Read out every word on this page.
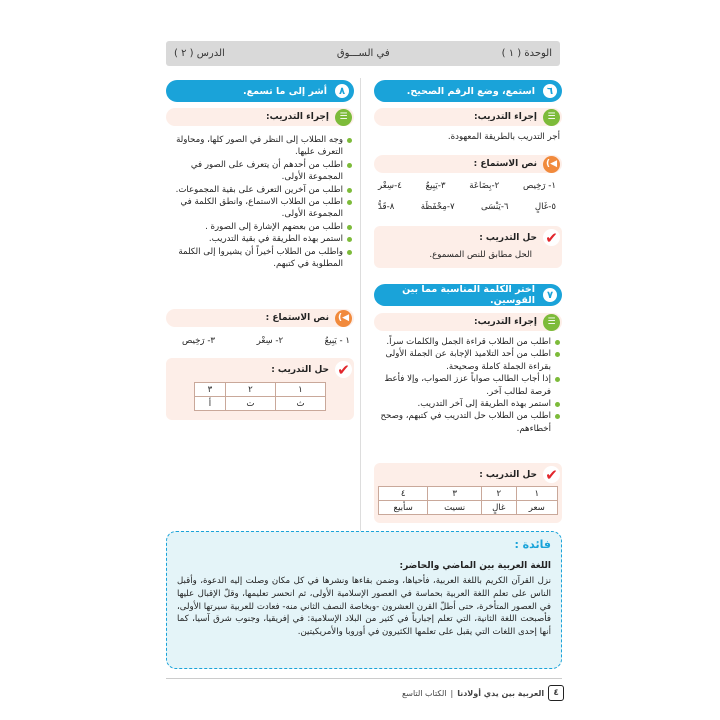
الوحدة ( ١ )
في الســـوق
الدرس ( ٢ )
٦
استمع، وضع الرقم الصحيح.
☰
إجراء التدريب:
أجر التدريب بالطريقة المعهودة.
◀)
نص الاستماع :
١- رَخِيص
٢-بِضَاعَة
٣-يَبِيعُ
٤-سِعْر
٥-غَالٍ
٦-يَنْسَى
٧-مِحْفَظَة
٨-قَدُّ
✔
حل التدريب :
الحل مطابق للنص المسموع.
٧
اختر الكلمة المناسبة مما بين القوسين.
☰
إجراء التدريب:
اطلب من الطلاب قراءة الجمل والكلمات سراً.
اطلب من أحد التلاميذ الإجابة عن الجملة الأولى بقراءة الجملة كاملة وصحيحة.
إذا أجاب الطالب صواباً عزز الصواب، وإلا فأعط فرصة لطالب آخر.
استمر بهذه الطريقة إلى آخر التدريب.
اطلب من الطلاب حل التدريب في كتبهم، وصحح أخطاءهم.
✔
حل التدريب :
١	٢	٣	٤
سعر	غالٍ	نسيت	سأبيع
٨
أشر إلى ما تسمع.
☰
إجراء التدريب:
وجه الطلاب إلى النظر في الصور كلها، ومحاولة التعرف عليها.
اطلب من أحدهم أن يتعرف على الصور في المجموعة الأولى.
اطلب من آخرين التعرف على بقية المجموعات.
اطلب من الطلاب الاستماع، وانطق الكلمة في المجموعة الأولى.
اطلب من بعضهم الإشارة إلى الصورة .
استمر بهذه الطريقة في بقية التدريب.
واطلب من الطلاب أخيراً أن يشيروا إلى الكلمة المطلوبة في كتبهم.
◀)
نص الاستماع :
١ - يَبِيعُ
٢- سِعْر
٣- رَخِيص
✔
حل التدريب :
١	٢	٣
ث	ت	أ
فائدة :
اللغة العربية بين الماضي والحاضر:
نزل القرآن الكريم باللغة العربية، فأحياها، وضمن بقاءها ونشرها في كل مكان وصلت إليه الدعوة، وأقبل الناس على تعلم اللغة العربية بحماسة في العصور الإسلامية الأولى، ثم انحسر تعليمها، وقلّ الإقبال عليها في العصور المتأخرة، حتى أطلّ القرن العشرون -وبخاصة النصف الثاني منه- فعادت للعربية سيرتها الأولى، فأصبحت اللغة الثانية، التي تعلم إجبارياً في كثير من البلاد الإسلامية: في إفريقيا، وجنوب شرق آسيا، كما أنها إحدى اللغات التي يقبل على تعلمها الكثيرون في أوروبا والأمريكيتين.
٤
العربية بين يدي أولادنا
|
الكتاب التاسع
